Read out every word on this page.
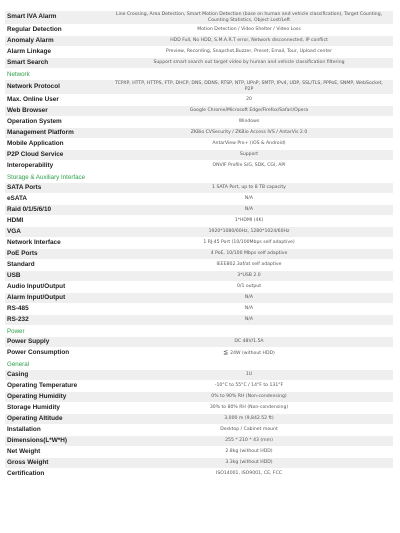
Smart IVA Alarm	Line Crossing, Area Detection, Smart Motion Detection (base on human and vehicle classification), Target Counting, Counting Statistics, Object Lost/Left
Regular Detection	Motion Detection / Video Shelter / Video Loss
Anomaly Alarm	HDD Full, No HDD, S.M.A.R.T error, Network disconnected, IP conflict
Alarm Linkage	Preview, Recording, Snapshot,Buzzer, Preset, Email, Tour, Upload center
Smart Search	Support smart search out target video by human and vehicle classification filtering
Network
Network Protocol	TCP/IP, HTTP, HTTPS, FTP, DHCP, DNS, DDNS, RTSP, NTP, UPnP, SMTP, IPv4, UDP, SSL/TLS, PPPoE, SNMP, WebSocket, P2P
Max. Online User	20
Web Browser	Google Chrome/Microsoft Edge/Firefox/Safari/Opera
Operation System	Windows
Management Platform	ZKBio CVSecurity / ZKBio Access IVS / AntarVis 2.0
Mobile Application	AntarView Pro+ (iOS & Android)
P2P Cloud Service	Support
Interoperability	ONVIF Profile S/G, SDK, CGI, API
Storage & Auxiliary Interface
SATA Ports	1 SATA Port, up to 8 TB capacity
eSATA	N/A
Raid 0/1/5/6/10	N/A
HDMI	1*HDMI (4K)
VGA	1920*1080/60Hz, 1280*1024/60Hz
Network Interface	1 RJ-45 Port (10/100Mbps self adaptive)
PoE Ports	4 PoE, 10/100 Mbps self adaptive
Standard	IEEE802.3af/at self adaptive
USB	3*USB 2.0
Audio Input/Output	0/1 output
Alarm Input/Output	N/A
RS-485	N/A
RS-232	N/A
Power
Power Supply	DC 48V/1.5A
Power Consumption	≦ 24W (without HDD)
General
Casing	1U
Operating Temperature	-10°C to 55°C / 14°F to 131°F
Operating Humidity	0% to 90% RH (Non-condensing)
Storage Humidity	30% to 80% RH (Non-condensing)
Operating Altitude	3,000 m (9,842.52 ft)
Installation	Desktop / Cabinet mount
Dimensions(L*W*H)	255 * 210 * 43 (mm)
Net Weight	2.8kg (without HDD)
Gross Weight	3.3kg (without HDD)
Certification	ISO14001, ISO9001, CE, FCC
